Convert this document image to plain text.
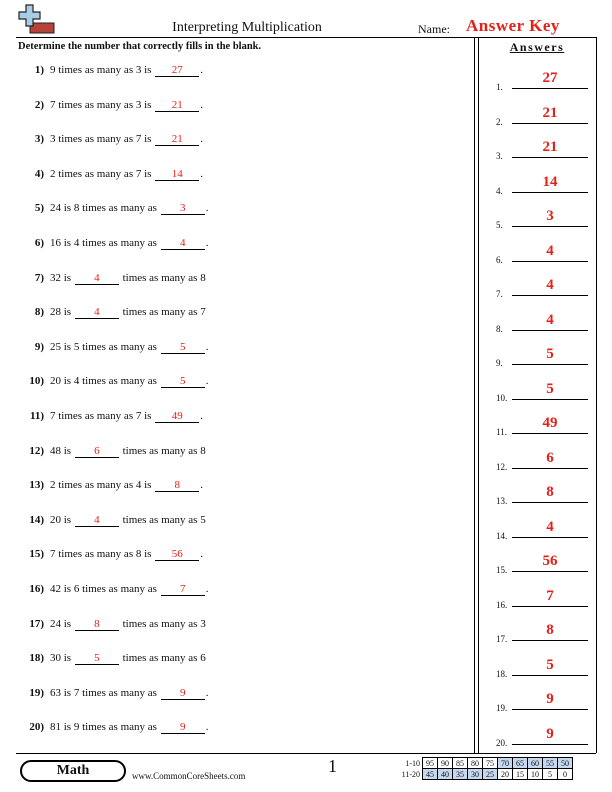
Interpreting Multiplication	Name: Answer Key
Determine the number that correctly fills in the blank.	Answers
1) 9 times as many as 3 is 27 .
2) 7 times as many as 3 is 21 .
3) 3 times as many as 7 is 21 .
4) 2 times as many as 7 is 14 .
5) 24 is 8 times as many as 3 .
6) 16 is 4 times as many as 4 .
7) 32 is 4 times as many as 8
8) 28 is 4 times as many as 7
9) 25 is 5 times as many as 5 .
10) 20 is 4 times as many as 5 .
11) 7 times as many as 7 is 49 .
12) 48 is 6 times as many as 8
13) 2 times as many as 4 is 8 .
14) 20 is 4 times as many as 5
15) 7 times as many as 8 is 56 .
16) 42 is 6 times as many as 7 .
17) 24 is 8 times as many as 3
18) 30 is 5 times as many as 6
19) 63 is 7 times as many as 9 .
20) 81 is 9 times as many as 9 .
1.
27
2.
21
3.
21
4.
14
5.
3
6.
4
7.
4
8.
4
9.
5
10.
5
11.
49
12.
6
13.
8
14.
4
15.
56
16.
7
17.
8
18.
5
19.
9
20.
9
Math	www.CommonCoreSheets.com	1	1-10	95	90	85	80	75	70	65	60	55	50
11-20	45	40	35	30	25	20	15	10	5	0
